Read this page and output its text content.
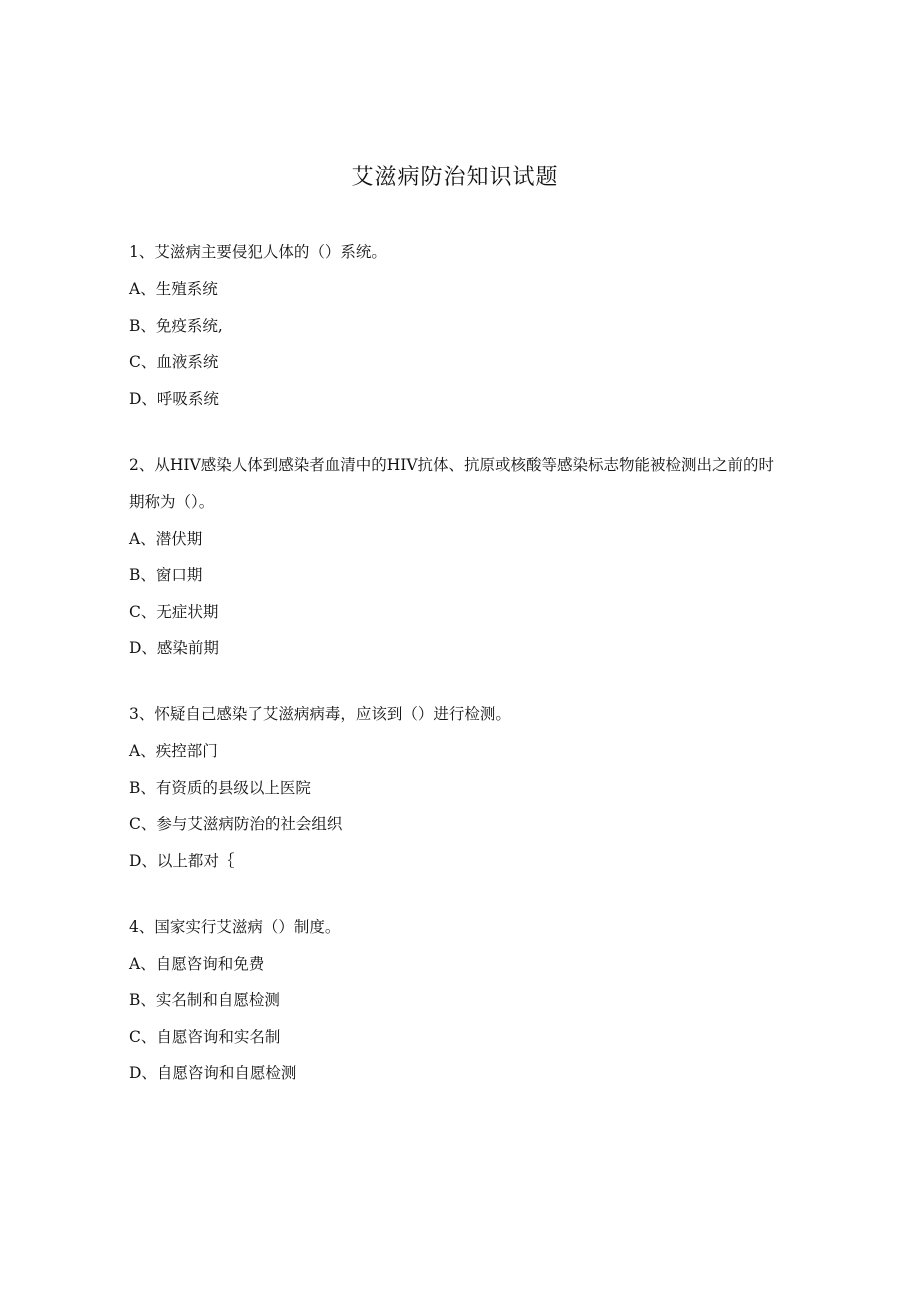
艾滋病防治知识试题

1、艾滋病主要侵犯人体的（）系统。

A、生殖系统

B、免疫系统,

C、血液系统

D、呼吸系统

2、从HIV感染人体到感染者血清中的HIV抗体、抗原或核酸等感染标志物能被检测出之前的时期称为（）。

A、潜伏期

B、窗口期

C、无症状期

D、感染前期

3、怀疑自己感染了艾滋病病毒，应该到（）进行检测。

A、疾控部门

B、有资质的县级以上医院

C、参与艾滋病防治的社会组织

D、以上都对｛

4、国家实行艾滋病（）制度。

A、自愿咨询和免费

B、实名制和自愿检测

C、自愿咨询和实名制

D、自愿咨询和自愿检测
